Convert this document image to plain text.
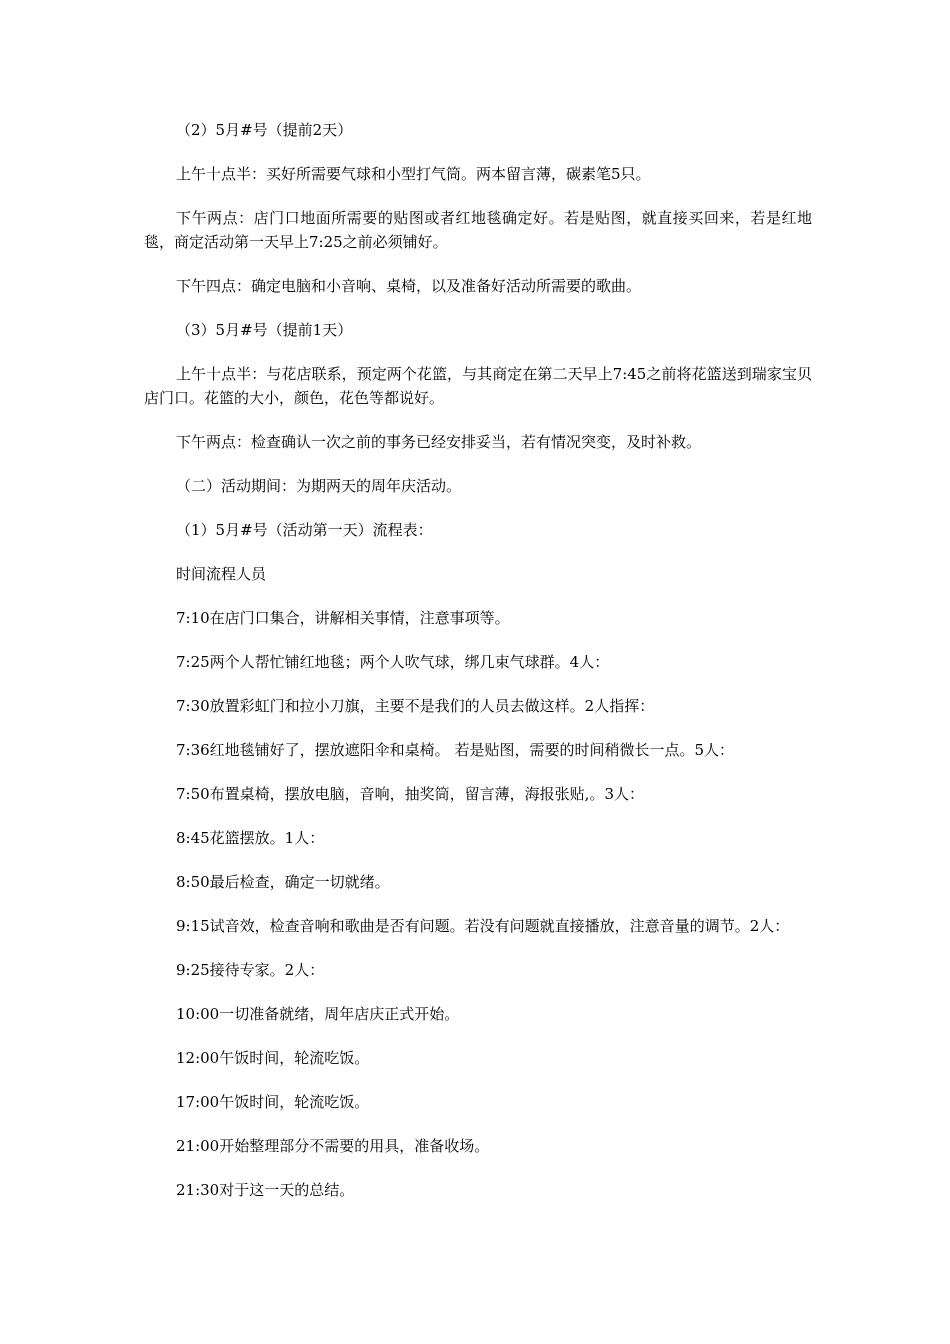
（2）5月#号（提前2天）

上午十点半：买好所需要气球和小型打气筒。两本留言薄，碳素笔5只。

下午两点：店门口地面所需要的贴图或者红地毯确定好。若是贴图，就直接买回来，若是红地毯，商定活动第一天早上7:25之前必须铺好。

下午四点：确定电脑和小音响、桌椅，以及准备好活动所需要的歌曲。

（3）5月#号（提前1天）

上午十点半：与花店联系，预定两个花篮，与其商定在第二天早上7:45之前将花篮送到瑞家宝贝店门口。花篮的大小，颜色，花色等都说好。

下午两点：检查确认一次之前的事务已经安排妥当，若有情况突变，及时补救。

（二）活动期间：为期两天的周年庆活动。

（1）5月#号（活动第一天）流程表：

时间流程人员

7:10在店门口集合，讲解相关事情，注意事项等。

7:25两个人帮忙铺红地毯；两个人吹气球，绑几束气球群。4人：

7:30放置彩虹门和拉小刀旗，主要不是我们的人员去做这样。2人指挥：

7:36红地毯铺好了，摆放遮阳伞和桌椅。 若是贴图，需要的时间稍微长一点。5人：

7:50布置桌椅，摆放电脑，音响，抽奖筒，留言薄，海报张贴,。3人：

8:45花篮摆放。1人：

8:50最后检查，确定一切就绪。

9:15试音效，检查音响和歌曲是否有问题。若没有问题就直接播放，注意音量的调节。2人：

9:25接待专家。2人：

10:00一切准备就绪，周年店庆正式开始。

12:00午饭时间，轮流吃饭。

17:00午饭时间，轮流吃饭。

21:00开始整理部分不需要的用具，准备收场。

21:30对于这一天的总结。
